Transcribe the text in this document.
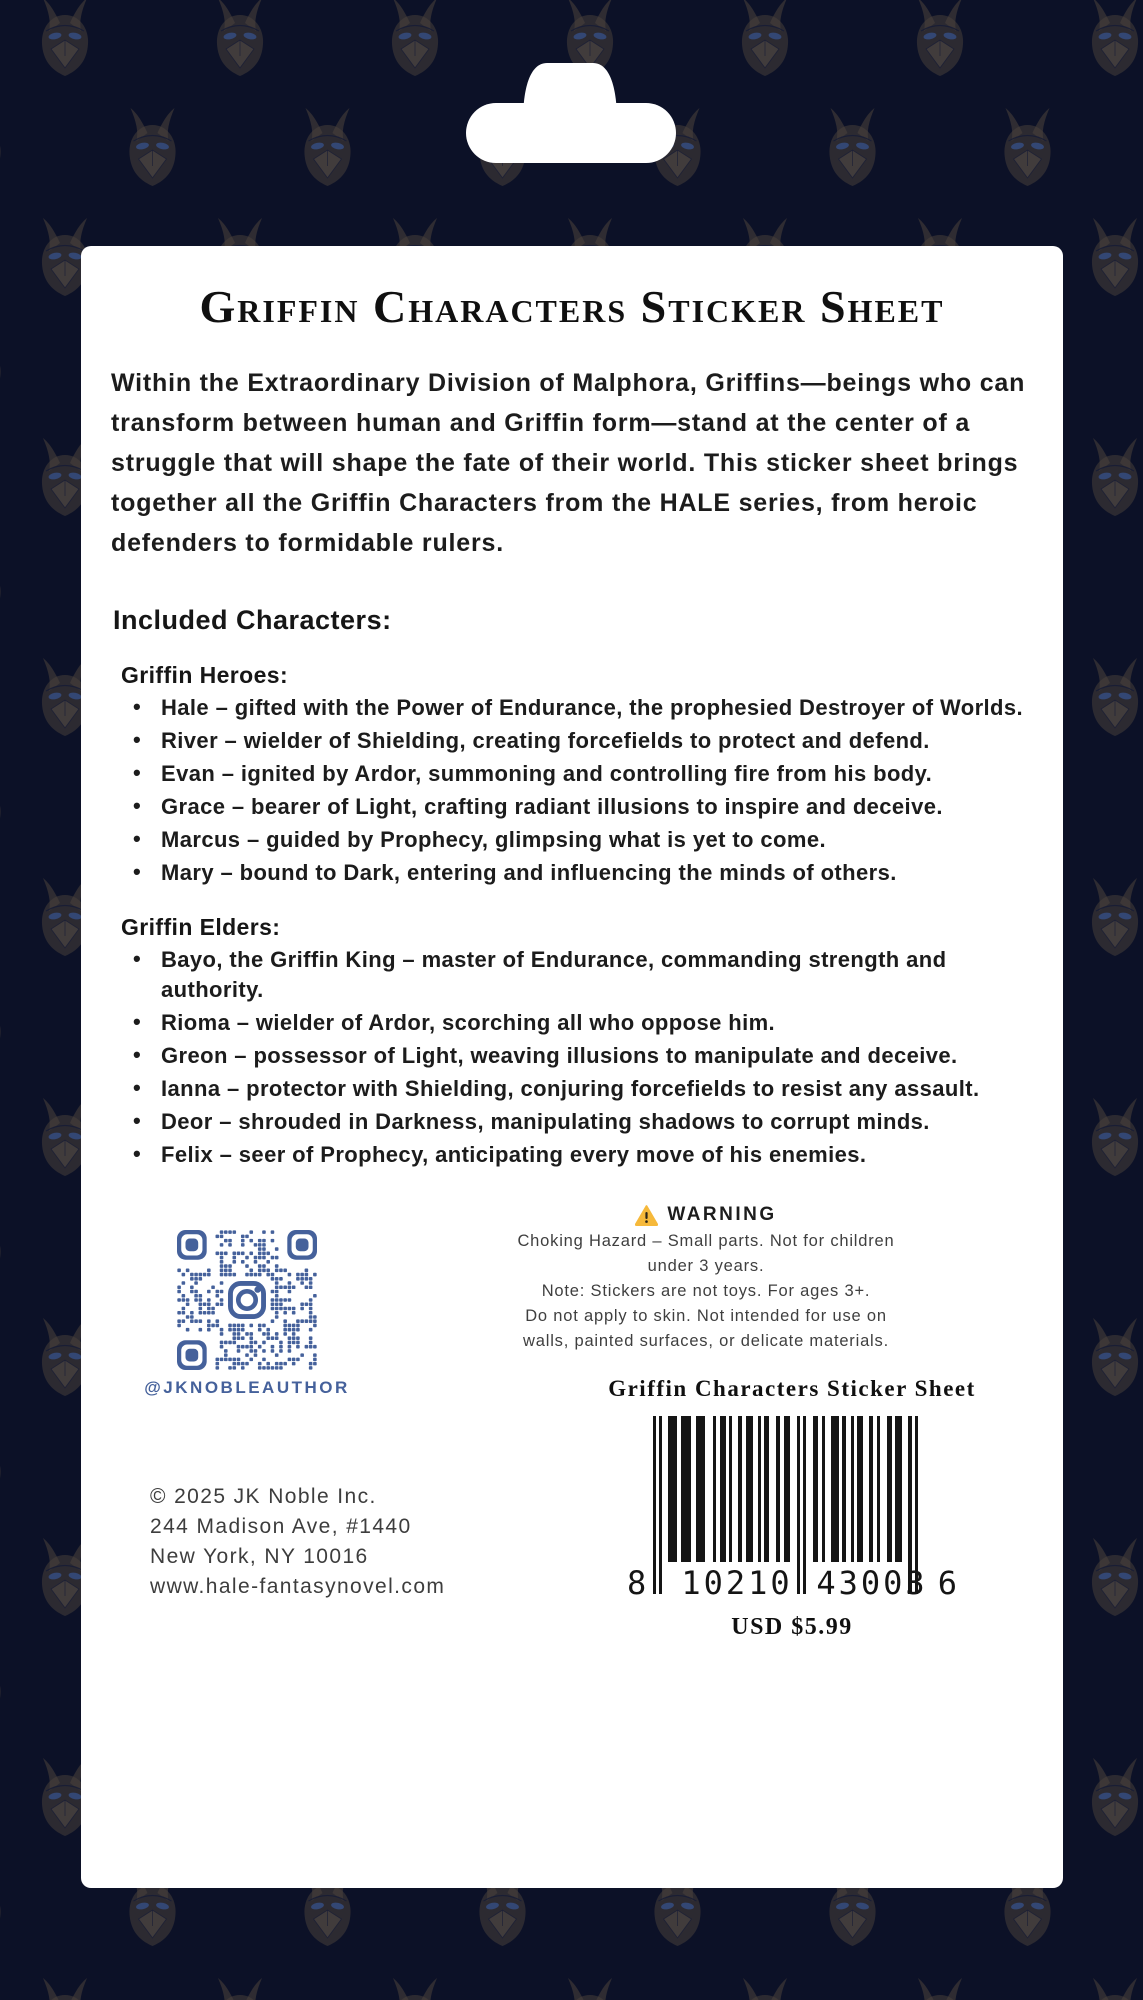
Griffin Characters Sticker Sheet

Within the Extraordinary Division of Malphora, Griffins—beings who can transform between human and Griffin form—stand at the center of a struggle that will shape the fate of their world. This sticker sheet brings together all the Griffin Characters from the HALE series, from heroic defenders to formidable rulers.

Included Characters:
Griffin Heroes:
• Hale – gifted with the Power of Endurance, the prophesied Destroyer of Worlds.
• River – wielder of Shielding, creating forcefields to protect and defend.
• Evan – ignited by Ardor, summoning and controlling fire from his body.
• Grace – bearer of Light, crafting radiant illusions to inspire and deceive.
• Marcus – guided by Prophecy, glimpsing what is yet to come.
• Mary – bound to Dark, entering and influencing the minds of others.
Griffin Elders:
• Bayo, the Griffin King – master of Endurance, commanding strength and authority.
• Rioma – wielder of Ardor, scorching all who oppose him.
• Greon – possessor of Light, weaving illusions to manipulate and deceive.
• Ianna – protector with Shielding, conjuring forcefields to resist any assault.
• Deor – shrouded in Darkness, manipulating shadows to corrupt minds.
• Felix – seer of Prophecy, anticipating every move of his enemies.
@JKNOBLEAUTHOR
© 2025 JK Noble Inc.
244 Madison Ave, #1440
New York, NY 10016
www.hale-fantasynovel.com
WARNING
Choking Hazard – Small parts. Not for children
under 3 years.
Note: Stickers are not toys. For ages 3+.
Do not apply to skin. Not intended for use on
walls, painted surfaces, or delicate materials.
Griffin Characters Sticker Sheet
8 10210 43003 6
USD $5.99
